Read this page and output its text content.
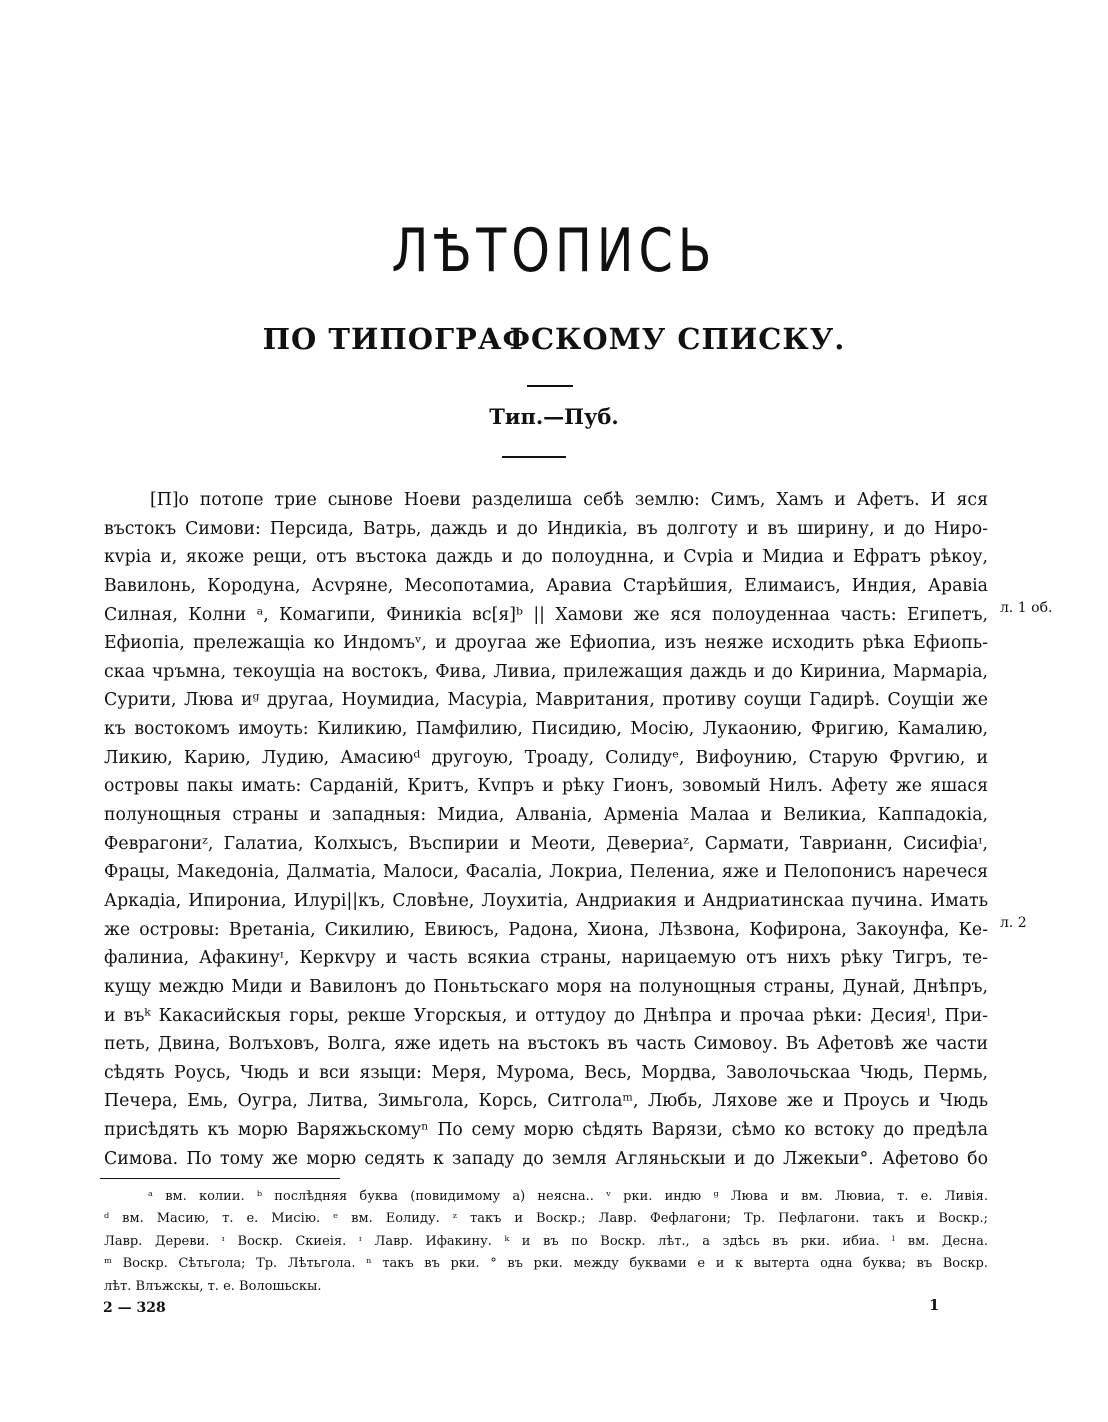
ЛѢТОПИСЬ
ПО ТИПОГРАФСКОМУ СПИСКУ.
Тип.—Пуб.
[П]о потопе трие сынове Ноеви разделиша себѣ землю: Симъ, Хамъ и Афетъ. И яся
въстокъ Симови: Персида, Ватрь, даждь и до Индикіа, въ долготу и въ ширину, и до Ниро-
кvріа и, якоже рещи, отъ въстока даждь и до полоуднна, и Сvріа и Мидиа и Ефратъ рѣкоу,
Вавилонь, Кородуна, Асvряне, Месопотамиа, Аравиа Старѣйшия, Елимаисъ, Индия, Аравіа
Силная, Колни ᵃ, Комагипи, Финикіа вс[я]ᵇ || Хамови же яся полоуденнаа часть: Египетъ,
Ефиопіа, прележащіа ко Индомъᵛ, и дроугаа же Ефиопиа, изъ неяже исходить рѣка Ефиопь-
скаа чръмна, текоущіа на востокъ, Фива, Ливиа, прилежащия даждь и до Кириниа, Мармаріа,
Сурити, Люва иᵍ другаа, Ноумидиа, Масуріа, Мавритания, противу соущи Гадирѣ. Соущіи же
къ востокомъ имоуть: Киликию, Памфилию, Писидию, Мосію, Лукаонию, Фригию, Камалию,
Ликию, Карию, Лудию, Амасиюᵈ другоую, Троаду, Солидуᵉ, Вифоунию, Старую Фрvгию, и
островы пакы имать: Сарданій, Критъ, Кvпръ и рѣку Гионъ, зовомый Нилъ. Афету же яшася
полунощныя страны и западныя: Мидиа, Алваніа, Арменіа Малаа и Великиа, Каппадокіа,
Феврагониᶻ, Галатиа, Колхысъ, Въспирии и Меоти, Девериаᶻ, Сармати, Таврианн, Сисифіаᶦ,
Фрацы, Македоніа, Далматіа, Малоси, Фасаліа, Локриа, Пелениа, яже и Пелопонисъ наречеся
Аркадіа, Ипирониа, Илурі||къ, Словѣне, Лоухитіа, Андриакия и Андриатинскаа пучина. Имать
же островы: Вретаніа, Сикилию, Евиюсъ, Радона, Хиона, Лѣзвона, Кофирона, Закоунфа, Ке-
фалиниа, Афакинуᶦ, Керкvру и часть всякиа страны, нарицаемую отъ нихъ рѣку Тигръ, те-
кущу междю Миди и Вавилонъ до Поньтьскаго моря на полунощныя страны, Дунай, Днѣпръ,
и въᵏ Какасийскыя горы, рекше Угорскыя, и оттудоу до Днѣпра и прочаа рѣки: Десияˡ, При-
петь, Двина, Волъховъ, Волга, яже идеть на въстокъ въ часть Симовоу. Въ Афетовѣ же части
сѣдять Роусь, Чюдь и вси языци: Меря, Мурома, Весь, Мордва, Заволочьскаа Чюдь, Пермь,
Печера, Емь, Оугра, Литва, Зимьгола, Корсь, Ситголаᵐ, Любь, Ляхове же и Проусь и Чюдь
присѣдять къ морю Варяжьскомуⁿ По сему морю сѣдять Варязи, сѣмо ко встоку до предѣла
Симова. По тому же морю седять к западу до земля Агляньскыи и до Лжекыи°. Афетово бо
л. 1 об.
л. 2
ᵃ вм. колии. ᵇ послѣдняя буква (повидимому а) неясна.. ᵛ рки. индю ᵍ Люва и вм. Лювиа, т. е. Ливія.
ᵈ вм. Масию, т. е. Мисію. ᵉ вм. Еолиду. ᶻ такъ и Воскр.; Лавр. Фефлагони; Тр. Пефлагони. такъ и Воскр.;
Лавр. Дереви. ᶦ Воскр. Скиеія. ᶦ Лавр. Ифакину. ᵏ и въ по Воскр. лѣт., а здѣсь въ рки. ибиа. ˡ вм. Десна.
ᵐ Воскр. Сѣтьгола; Тр. Лѣтьгола. ⁿ такъ въ рки. ° въ рки. между буквами е и к вытерта одна буква; въ Воскр.
лѣт. Влъжскы, т. е. Волошьскы.
2 — 328	1
